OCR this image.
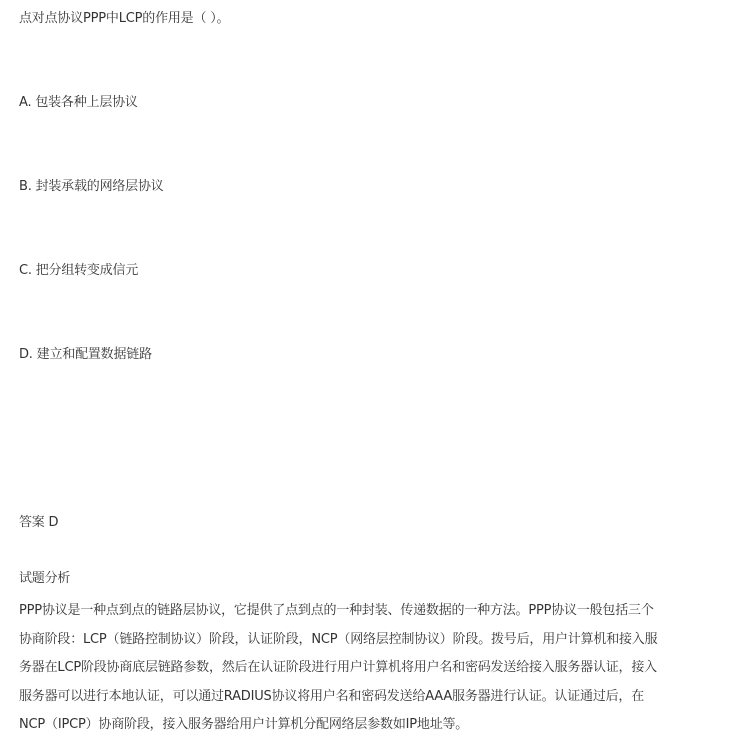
点对点协议PPP中LCP的作用是（ ）。
A. 包装各种上层协议
B. 封装承载的网络层协议
C. 把分组转变成信元
D. 建立和配置数据链路
答案 D
试题分析
PPP协议是一种点到点的链路层协议，它提供了点到点的一种封装、传递数据的一种方法。PPP协议一般包括三个
协商阶段：LCP（链路控制协议）阶段，认证阶段，NCP（网络层控制协议）阶段。拨号后，用户计算机和接入服
务器在LCP阶段协商底层链路参数，然后在认证阶段进行用户计算机将用户名和密码发送给接入服务器认证，接入
服务器可以进行本地认证，可以通过RADIUS协议将用户名和密码发送给AAA服务器进行认证。认证通过后，在
NCP（IPCP）协商阶段，接入服务器给用户计算机分配网络层参数如IP地址等。
